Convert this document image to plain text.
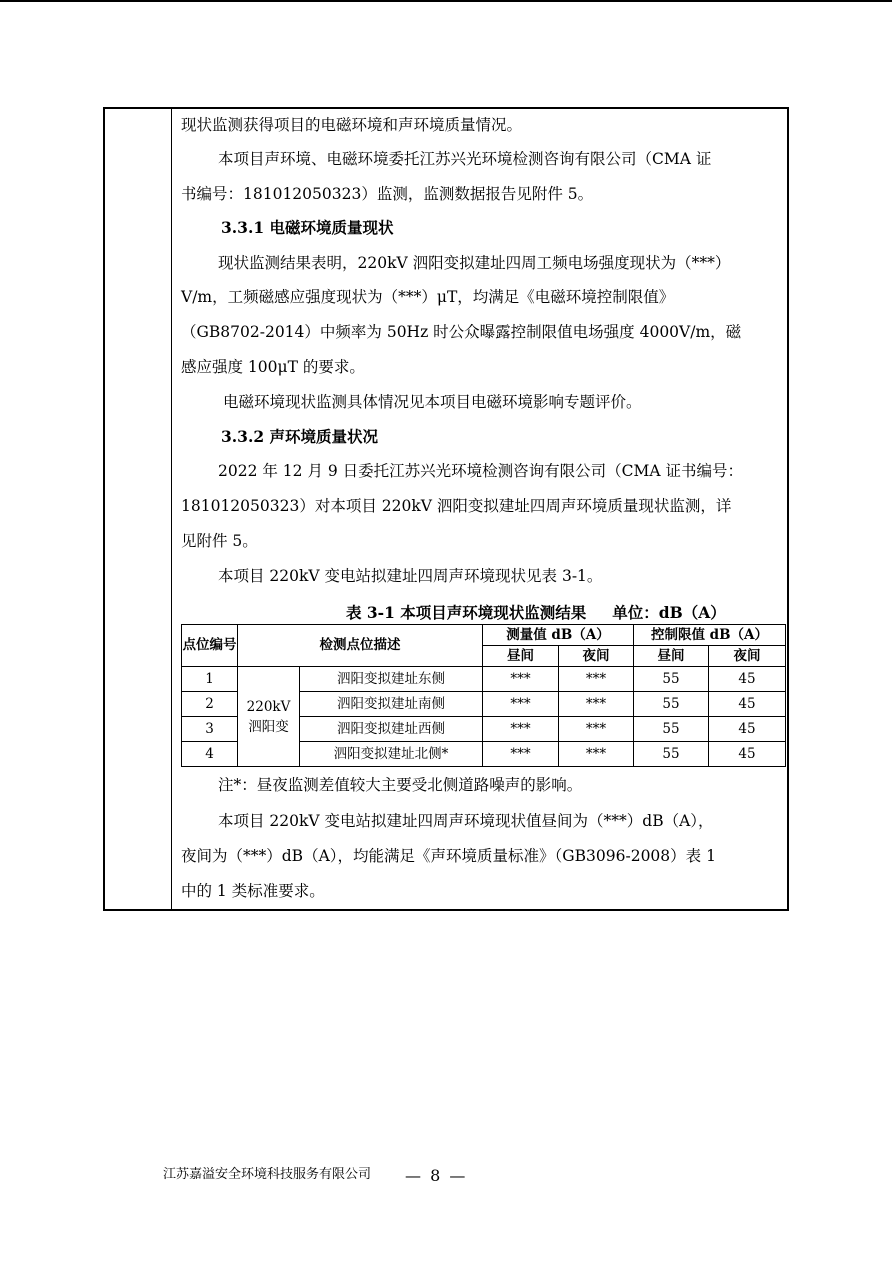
现状监测获得项目的电磁环境和声环境质量情况。
本项目声环境、电磁环境委托江苏兴光环境检测咨询有限公司（CMA 证
书编号：181012050323）监测，监测数据报告见附件 5。
3.3.1 电磁环境质量现状
现状监测结果表明，220kV 泗阳变拟建址四周工频电场强度现状为（***）
V/m，工频磁感应强度现状为（***）μT，均满足《电磁环境控制限值》
（GB8702-2014）中频率为 50Hz 时公众曝露控制限值电场强度 4000V/m，磁
感应强度 100μT 的要求。
电磁环境现状监测具体情况见本项目电磁环境影响专题评价。
3.3.2 声环境质量状况
2022 年 12 月 9 日委托江苏兴光环境检测咨询有限公司（CMA 证书编号：
181012050323）对本项目 220kV 泗阳变拟建址四周声环境质量现状监测，详
见附件 5。
本项目 220kV 变电站拟建址四周声环境现状见表 3-1。
表 3-1 本项目声环境现状监测结果 单位：dB（A）
点位编号	检测点位描述		测量值 dB（A）		控制限值 dB（A）	
			昼间	夜间	昼间	夜间
1	220kV泗阳变	泗阳变拟建址东侧	***	***	55	45
2		泗阳变拟建址南侧	***	***	55	45
3		泗阳变拟建址西侧	***	***	55	45
4		泗阳变拟建址北侧*	***	***	55	45
注*：昼夜监测差值较大主要受北侧道路噪声的影响。
本项目 220kV 变电站拟建址四周声环境现状值昼间为（***）dB（A），
夜间为（***）dB（A），均能满足《声环境质量标准》（GB3096-2008）表 1
中的 1 类标准要求。
江苏嘉溢安全环境科技服务有限公司 — 8 —
